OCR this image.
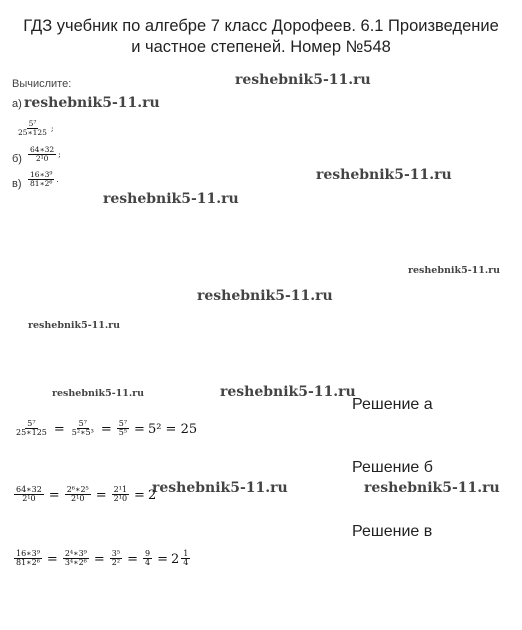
ГДЗ учебник по алгебре 7 класс Дорофеев. 6.1 Произведение
и частное степеней. Номер №548
Вычислите:
а)
$\frac{\text{5⁷}}{25∗125}$ ;
$б) \frac{64∗32}{\text{2¹0}}$ ;
$в) \frac{\text{16∗3⁹}}{\text{81∗2⁶}}$ .
reshebnik5-11.ru
reshebnik5-11.ru
reshebnik5-11.ru
reshebnik5-11.ru
reshebnik5-11.ru
reshebnik5-11.ru
reshebnik5-11.ru
reshebnik5-11.ru	reshebnik5-11.ru
reshebnik5-11.ru	reshebnik5-11.ru
Решение а
$\frac{\text{5⁷}}{25∗125} = \frac{\text{5⁷}}{\text{5²∗5³}} = \frac{\text{5⁷}}{\text{5⁵}} = 5^2 = 25$
Решение б
$\frac{64∗32}{\text{2¹0}} = \frac{\text{2⁶∗2⁵}}{\text{2¹0}} = \frac{\text{2¹1}}{\text{2¹0}} = 2$
Решение в
$\frac{\text{16∗3⁹}}{\text{81∗2⁶}} = \frac{\text{2⁴∗3⁹}}{\text{3⁴∗2⁶}} = \frac{\text{3⁵}}{\text{2²}} = \frac{9}{4} = 2 \frac{1}{4}$
